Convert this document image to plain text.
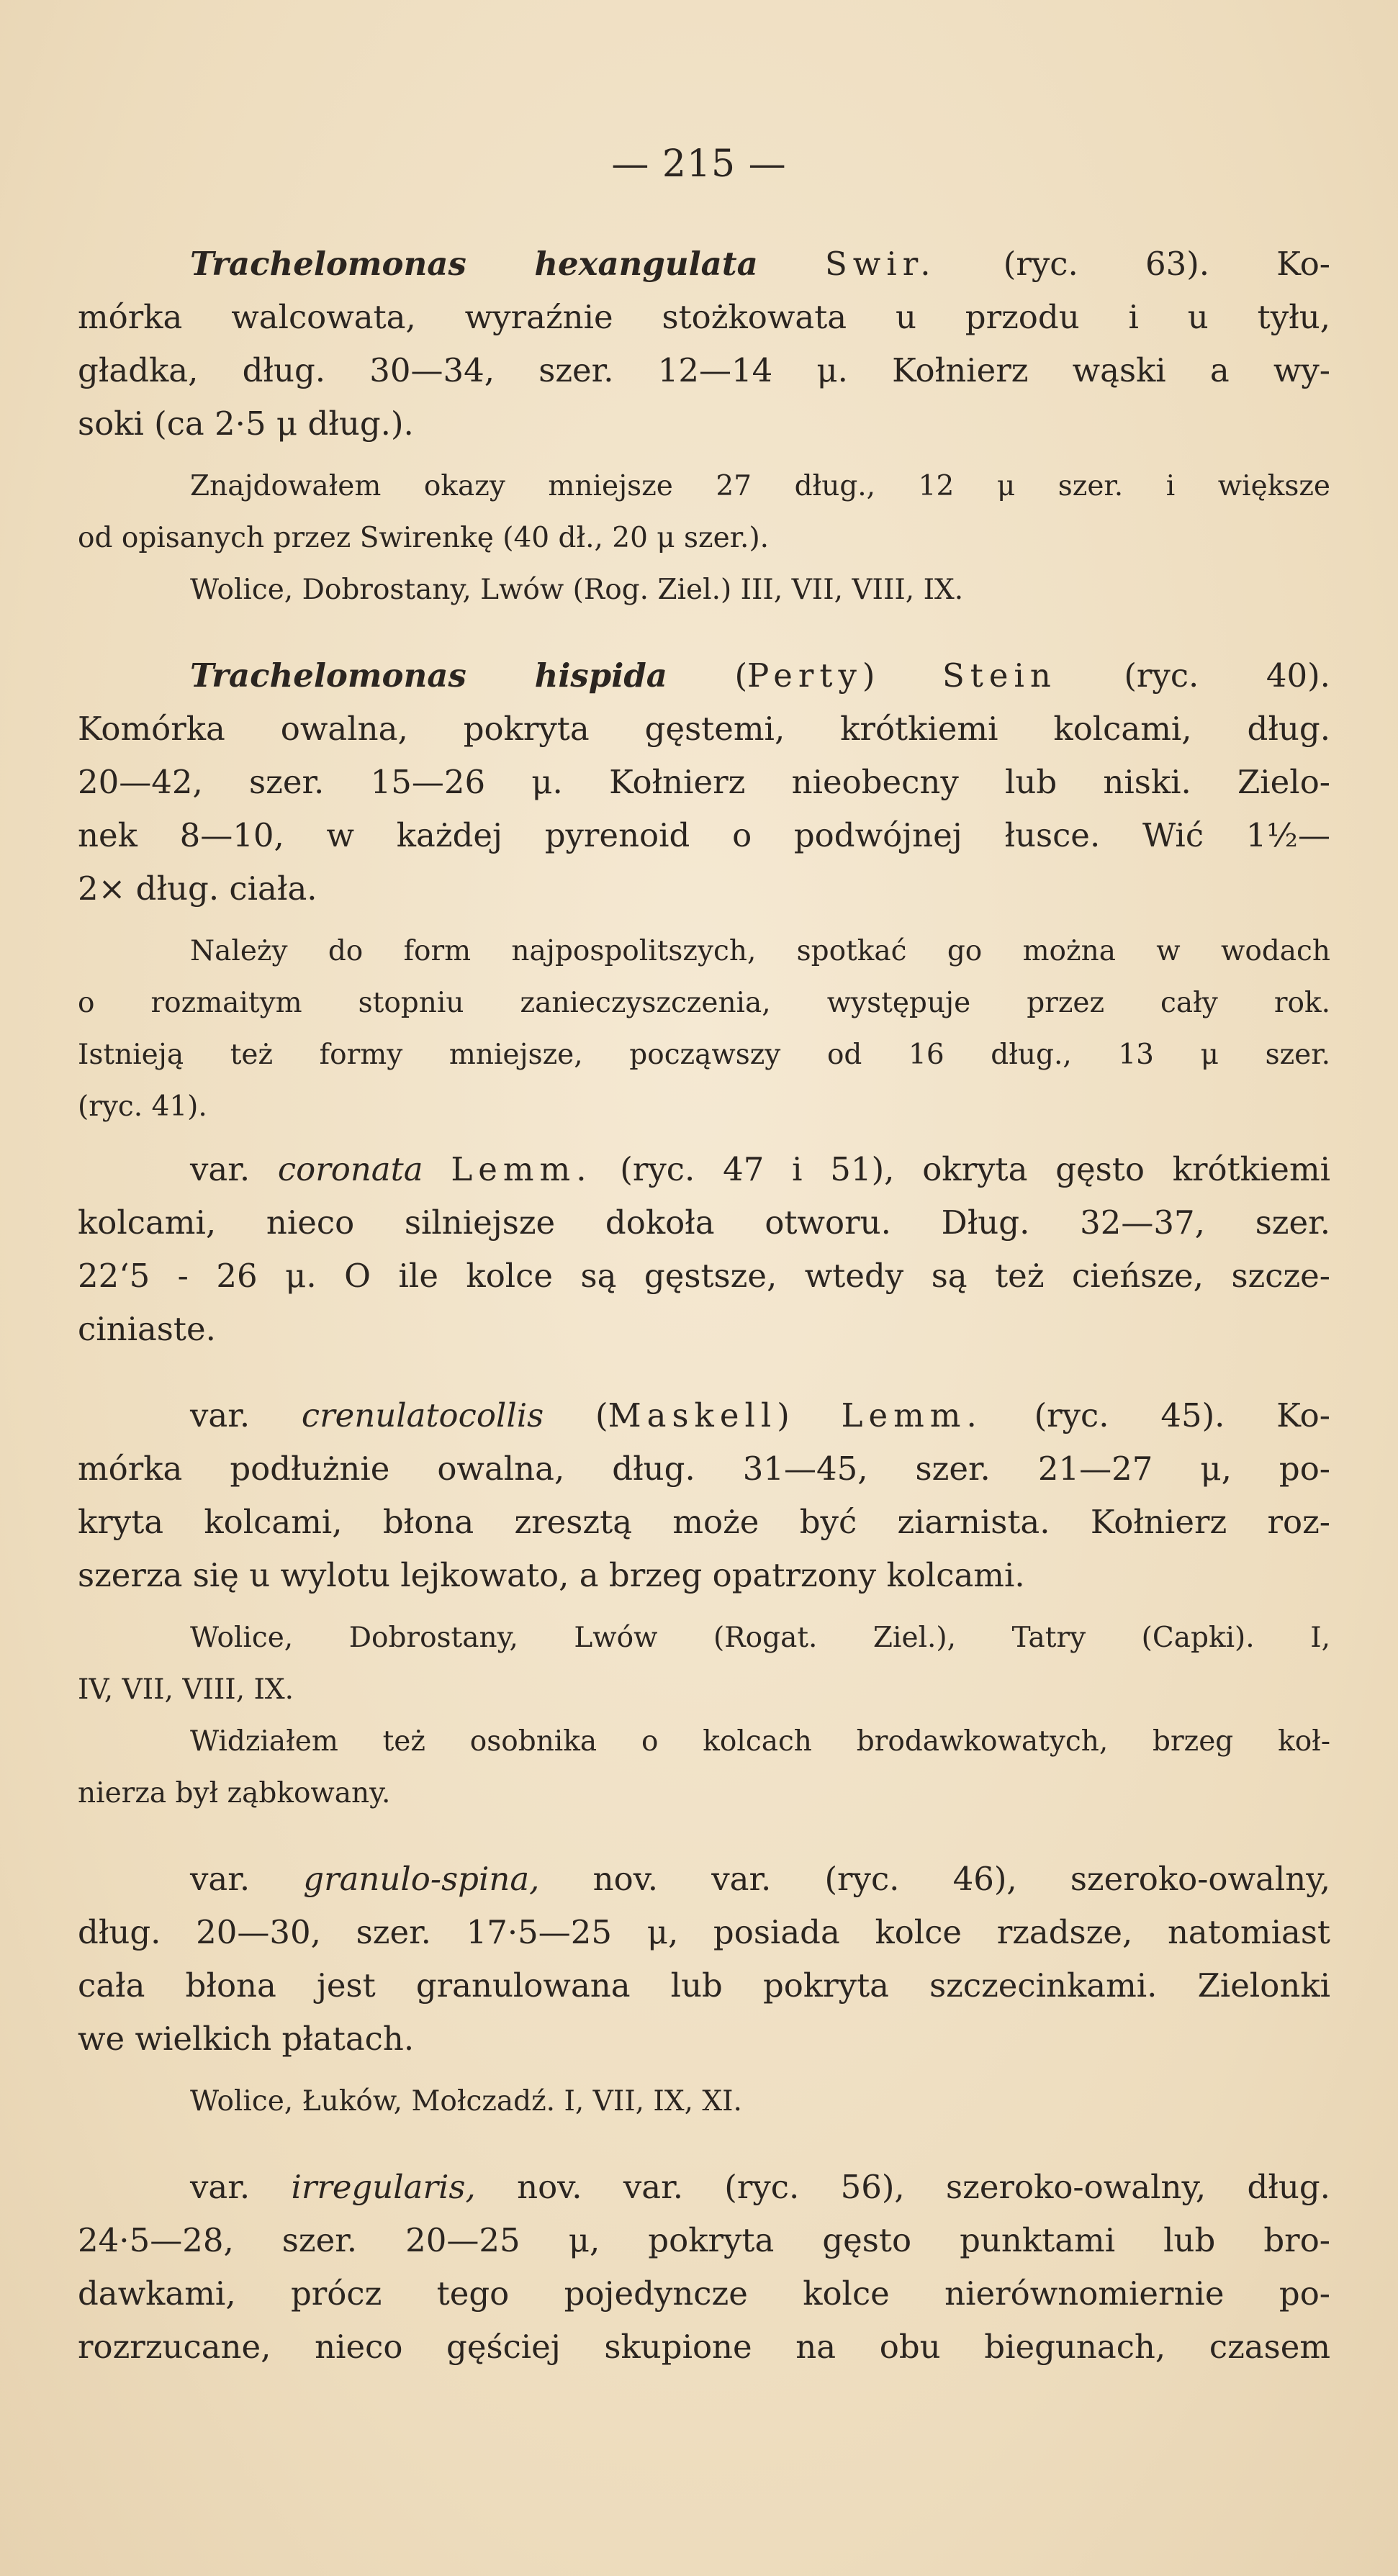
— 215 —
Trachelomonas hexangulata Swir. (ryc. 63). Ko-
mórka walcowata, wyraźnie stożkowata u przodu i u tyłu,
gładka, dług. 30—34, szer. 12—14 μ. Kołnierz wąski a wy-
soki (ca 2·5 μ dług.).
Znajdowałem okazy mniejsze 27 dług., 12 μ szer. i większe
od opisanych przez Swirenkę (40 dł., 20 μ szer.).
Wolice, Dobrostany, Lwów (Rog. Ziel.) III, VII, VIII, IX.
Trachelomonas hispida (Perty) Stein (ryc. 40).
Komórka owalna, pokryta gęstemi, krótkiemi kolcami, dług.
20—42, szer. 15—26 μ. Kołnierz nieobecny lub niski. Zielo-
nek 8—10, w każdej pyrenoid o podwójnej łusce. Wić 1½—
2× dług. ciała.
Należy do form najpospolitszych, spotkać go można w wodach
o rozmaitym stopniu zanieczyszczenia, występuje przez cały rok.
Istnieją też formy mniejsze, począwszy od 16 dług., 13 μ szer.
(ryc. 41).
var. coronata Lemm. (ryc. 47 i 51), okryta gęsto krótkiemi
kolcami, nieco silniejsze dokoła otworu. Dług. 32—37, szer.
22‘5 - 26 μ. O ile kolce są gęstsze, wtedy są też cieńsze, szcze-
ciniaste.
var. crenulatocollis (Maskell) Lemm. (ryc. 45). Ko-
mórka podłużnie owalna, dług. 31—45, szer. 21—27 μ, po-
kryta kolcami, błona zresztą może być ziarnista. Kołnierz roz-
szerza się u wylotu lejkowato, a brzeg opatrzony kolcami.
Wolice, Dobrostany, Lwów (Rogat. Ziel.), Tatry (Capki). I,
IV, VII, VIII, IX.
Widziałem też osobnika o kolcach brodawkowatych, brzeg koł-
nierza był ząbkowany.
var. granulo-spina, nov. var. (ryc. 46), szeroko-owalny,
dług. 20—30, szer. 17·5—25 μ, posiada kolce rzadsze, natomiast
cała błona jest granulowana lub pokryta szczecinkami. Zielonki
we wielkich płatach.
Wolice, Łuków, Mołczadź. I, VII, IX, XI.
var. irregularis, nov. var. (ryc. 56), szeroko-owalny, dług.
24·5—28, szer. 20—25 μ, pokryta gęsto punktami lub bro-
dawkami, prócz tego pojedyncze kolce nierównomiernie po-
rozrzucane, nieco gęściej skupione na obu biegunach, czasem
